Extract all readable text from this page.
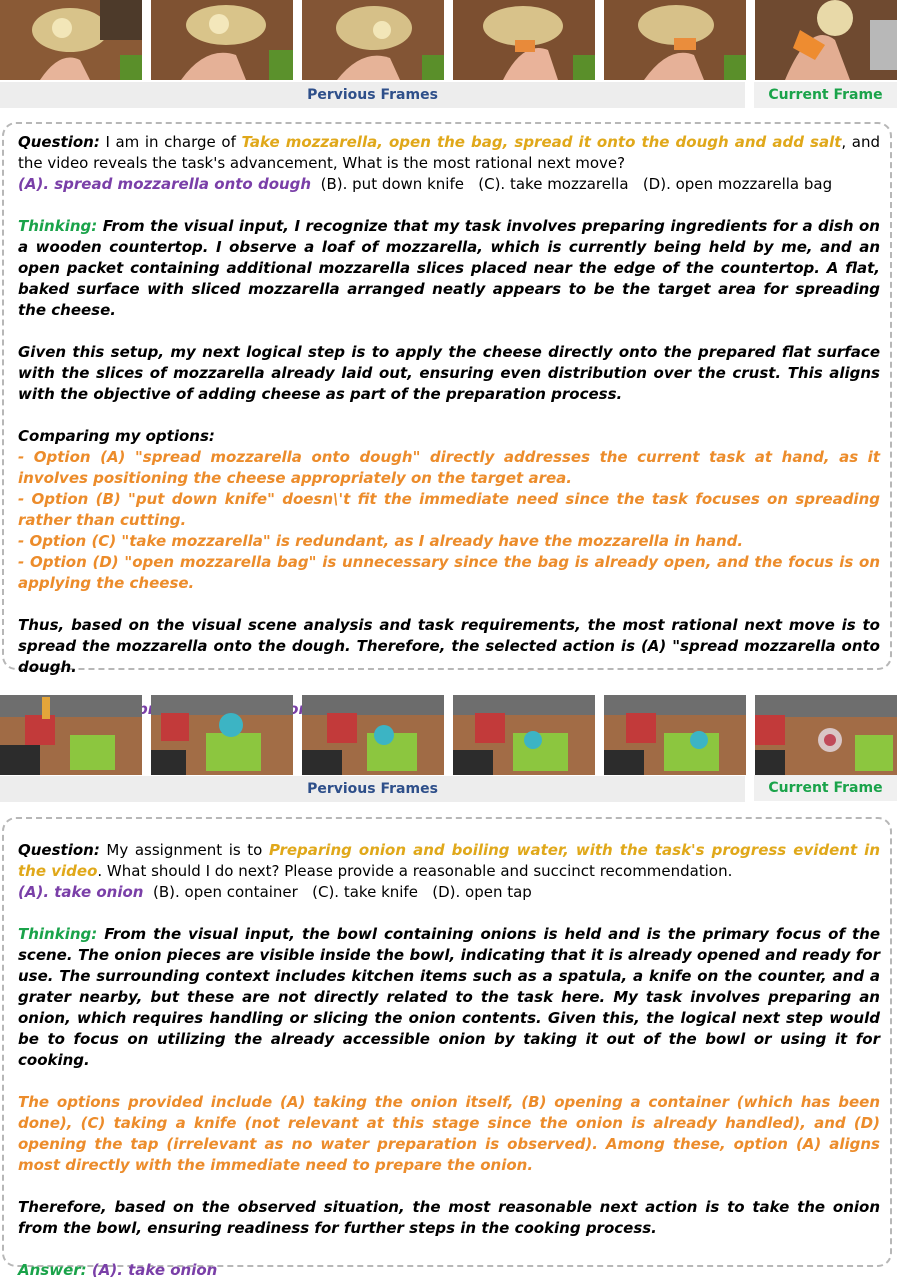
Pervious Frames	Current Frame

Question: I am in charge of Take mozzarella, open the bag, spread it onto the dough and add salt, and the video reveals the task's advancement, What is the most rational next move?

(A). spread mozzarella onto dough  (B). put down knife   (C). take mozzarella   (D). open mozzarella bag

Thinking: From the visual input, I recognize that my task involves preparing ingredients for a dish on a wooden countertop. I observe a loaf of mozzarella, which is currently being held by me, and an open packet containing additional mozzarella slices placed near the edge of the countertop. A flat, baked surface with sliced mozzarella arranged neatly appears to be the target area for spreading the cheese.

Given this setup, my next logical step is to apply the cheese directly onto the prepared flat surface with the slices of mozzarella already laid out, ensuring even distribution over the crust. This aligns with the objective of adding cheese as part of the preparation process.

Comparing my options:

- Option (A) "spread mozzarella onto dough" directly addresses the current task at hand, as it involves positioning the cheese appropriately on the target area.

- Option (B) "put down knife" doesn\'t fit the immediate need since the task focuses on spreading rather than cutting.

- Option (C) "take mozzarella" is redundant, as I already have the mozzarella in hand.

- Option (D) "open mozzarella bag" is unnecessary since the bag is already open, and the focus is on applying the cheese.

Thus, based on the visual scene analysis and task requirements, the most rational next move is to spread the mozzarella onto the dough. Therefore, the selected action is (A) "spread mozzarella onto dough.

Pervious Frames	Current Frame

Question: My assignment is to Preparing onion and boiling water, with the task's progress evident in the video. What should I do next? Please provide a reasonable and succinct recommendation.

(A). take onion  (B). open container   (C). take knife   (D). open tap

Thinking: From the visual input, the bowl containing onions is held and is the primary focus of the scene. The onion pieces are visible inside the bowl, indicating that it is already opened and ready for use. The surrounding context includes kitchen items such as a spatula, a knife on the counter, and a grater nearby, but these are not directly related to the task here. My task involves preparing an onion, which requires handling or slicing the onion contents. Given this, the logical next step would be to focus on utilizing the already accessible onion by taking it out of the bowl or using it for cooking.

The options provided include (A) taking the onion itself, (B) opening a container (which has been done), (C) taking a knife (not relevant at this stage since the onion is already handled), and (D) opening the tap (irrelevant as no water preparation is observed). Among these, option (A) aligns most directly with the immediate need to prepare the onion.

Therefore, based on the observed situation, the most reasonable next action is to take the onion from the bowl, ensuring readiness for further steps in the cooking process.

Answer: (A). take onion
